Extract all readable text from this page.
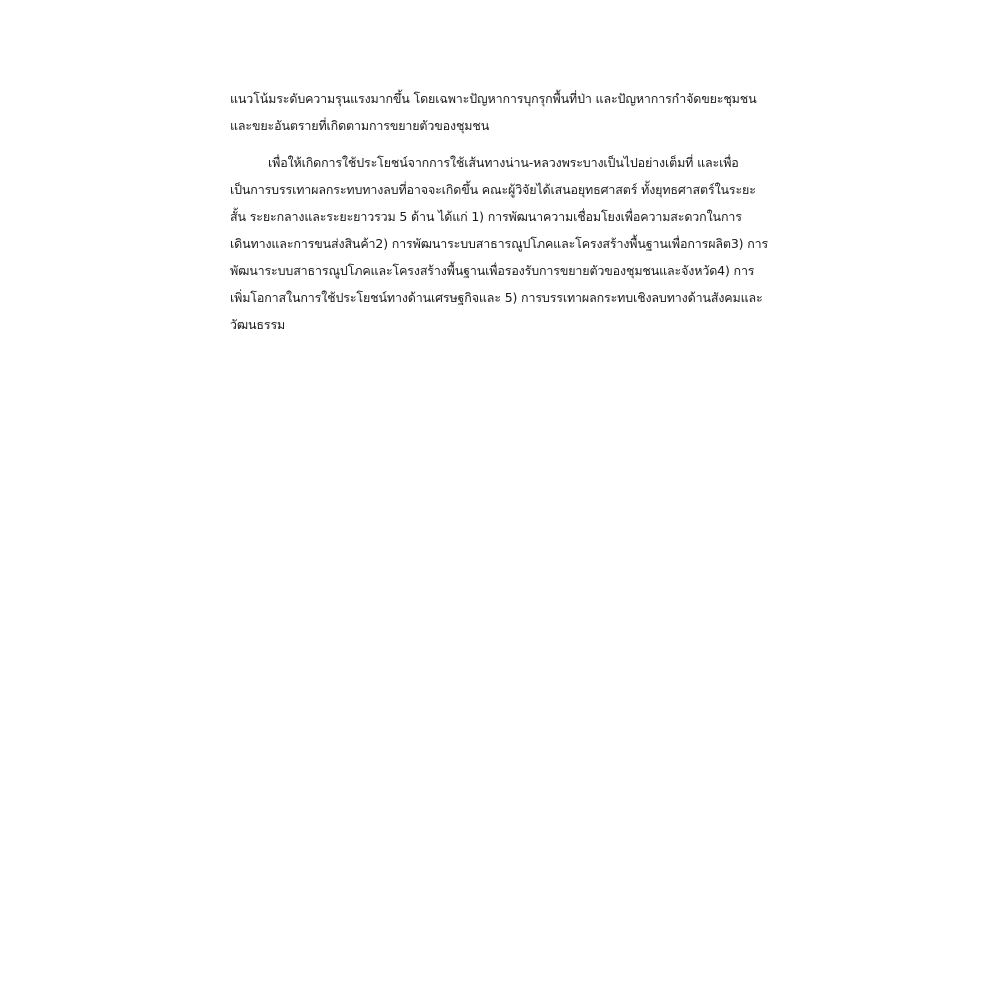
แนวโน้มระดับความรุนแรงมากขึ้น โดยเฉพาะปัญหาการบุกรุกพื้นที่ป่า และปัญหาการกำจัดขยะชุมชน
และขยะอันตรายที่เกิดตามการขยายตัวของชุมชน
เพื่อให้เกิดการใช้ประโยชน์จากการใช้เส้นทางน่าน-หลวงพระบางเป็นไปอย่างเต็มที่ และเพื่อ
เป็นการบรรเทาผลกระทบทางลบที่อาจจะเกิดขึ้น คณะผู้วิจัยได้เสนอยุทธศาสตร์ ทั้งยุทธศาสตร์ในระยะ
สั้น ระยะกลางและระยะยาวรวม 5 ด้าน ได้แก่ 1) การพัฒนาความเชื่อมโยงเพื่อความสะดวกในการ
เดินทางและการขนส่งสินค้า2) การพัฒนาระบบสาธารณูปโภคและโครงสร้างพื้นฐานเพื่อการผลิต3) การ
พัฒนาระบบสาธารณูปโภคและโครงสร้างพื้นฐานเพื่อรองรับการขยายตัวของชุมชนและจังหวัด4) การ
เพิ่มโอกาสในการใช้ประโยชน์ทางด้านเศรษฐกิจและ 5) การบรรเทาผลกระทบเชิงลบทางด้านสังคมและ
วัฒนธรรม
